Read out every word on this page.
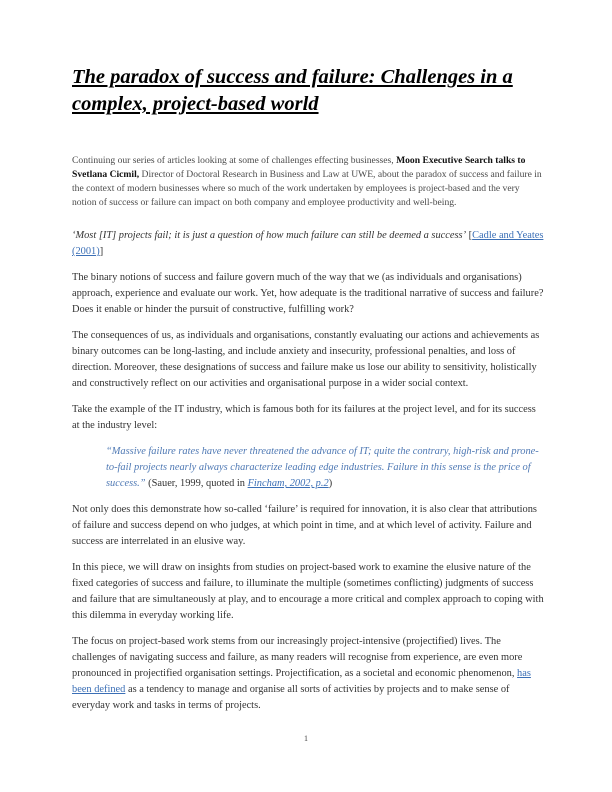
The paradox of success and failure: Challenges in a complex, project-based world

Continuing our series of articles looking at some of challenges effecting businesses, Moon Executive Search talks to Svetlana Cicmil, Director of Doctoral Research in Business and Law at UWE, about the paradox of success and failure in the context of modern businesses where so much of the work undertaken by employees is project-based and the very notion of success or failure can impact on both company and employee productivity and well-being.

‘Most [IT] projects fail; it is just a question of how much failure can still be deemed a success’ [Cadle and Yeates (2001)]

The binary notions of success and failure govern much of the way that we (as individuals and organisations) approach, experience and evaluate our work. Yet, how adequate is the traditional narrative of success and failure? Does it enable or hinder the pursuit of constructive, fulfilling work?

The consequences of us, as individuals and organisations, constantly evaluating our actions and achievements as binary outcomes can be long-lasting, and include anxiety and insecurity, professional penalties, and loss of direction. Moreover, these designations of success and failure make us lose our ability to sensitivity, holistically and constructively reflect on our activities and organisational purpose in a wider social context.

Take the example of the IT industry, which is famous both for its failures at the project level, and for its success at the industry level:

“Massive failure rates have never threatened the advance of IT; quite the contrary, high-risk and prone-to-fail projects nearly always characterize leading edge industries. Failure in this sense is the price of success.” (Sauer, 1999, quoted in Fincham, 2002, p.2)

Not only does this demonstrate how so-called ‘failure’ is required for innovation, it is also clear that attributions of failure and success depend on who judges, at which point in time, and at which level of activity. Failure and success are interrelated in an elusive way.

In this piece, we will draw on insights from studies on project-based work to examine the elusive nature of the fixed categories of success and failure, to illuminate the multiple (sometimes conflicting) judgments of success and failure that are simultaneously at play, and to encourage a more critical and complex approach to coping with this dilemma in everyday working life.

The focus on project-based work stems from our increasingly project-intensive (projectified) lives. The challenges of navigating success and failure, as many readers will recognise from experience, are even more pronounced in projectified organisation settings. Projectification, as a societal and economic phenomenon, has been defined as a tendency to manage and organise all sorts of activities by projects and to make sense of everyday work and tasks in terms of projects.

1
